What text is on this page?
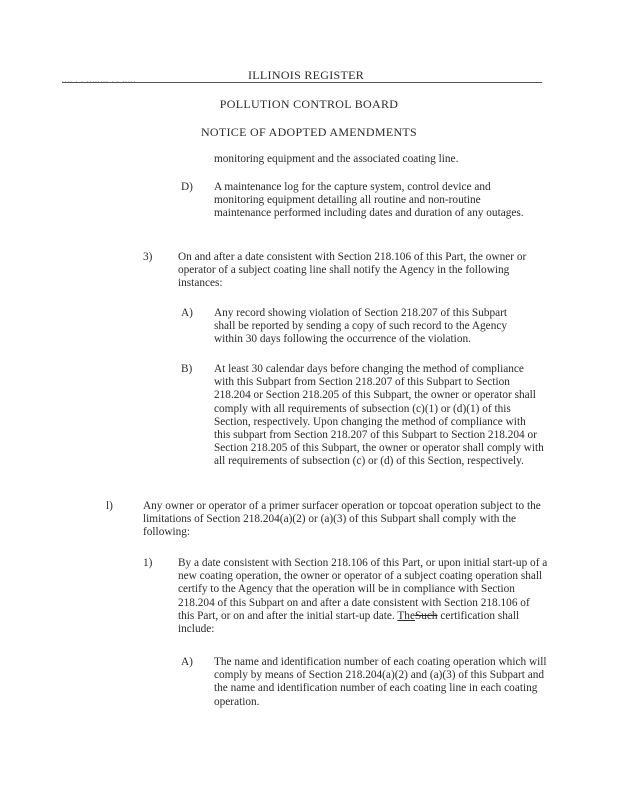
.... . . ........ . . .....	ILLINOIS REGISTER
POLLUTION CONTROL BOARD
NOTICE OF ADOPTED AMENDMENTS
monitoring equipment and the associated coating line.
D) A maintenance log for the capture system, control device and monitoring equipment detailing all routine and non-routine maintenance performed including dates and duration of any outages.
3) On and after a date consistent with Section 218.106 of this Part, the owner or operator of a subject coating line shall notify the Agency in the following instances:
A) Any record showing violation of Section 218.207 of this Subpart shall be reported by sending a copy of such record to the Agency within 30 days following the occurrence of the violation.
B) At least 30 calendar days before changing the method of compliance with this Subpart from Section 218.207 of this Subpart to Section 218.204 or Section 218.205 of this Subpart, the owner or operator shall comply with all requirements of subsection (c)(1) or (d)(1) of this Section, respectively. Upon changing the method of compliance with this subpart from Section 218.207 of this Subpart to Section 218.204 or Section 218.205 of this Subpart, the owner or operator shall comply with all requirements of subsection (c) or (d) of this Section, respectively.
l)	Any owner or operator of a primer surfacer operation or topcoat operation subject to the limitations of Section 218.204(a)(2) or (a)(3) of this Subpart shall comply with the following:
1) By a date consistent with Section 218.106 of this Part, or upon initial start-up of a new coating operation, the owner or operator of a subject coating operation shall certify to the Agency that the operation will be in compliance with Section 218.204 of this Subpart on and after a date consistent with Section 218.106 of this Part, or on and after the initial start-up date. TheSuch certification shall include:
A) The name and identification number of each coating operation which will comply by means of Section 218.204(a)(2) and (a)(3) of this Subpart and the name and identification number of each coating line in each coating operation.
